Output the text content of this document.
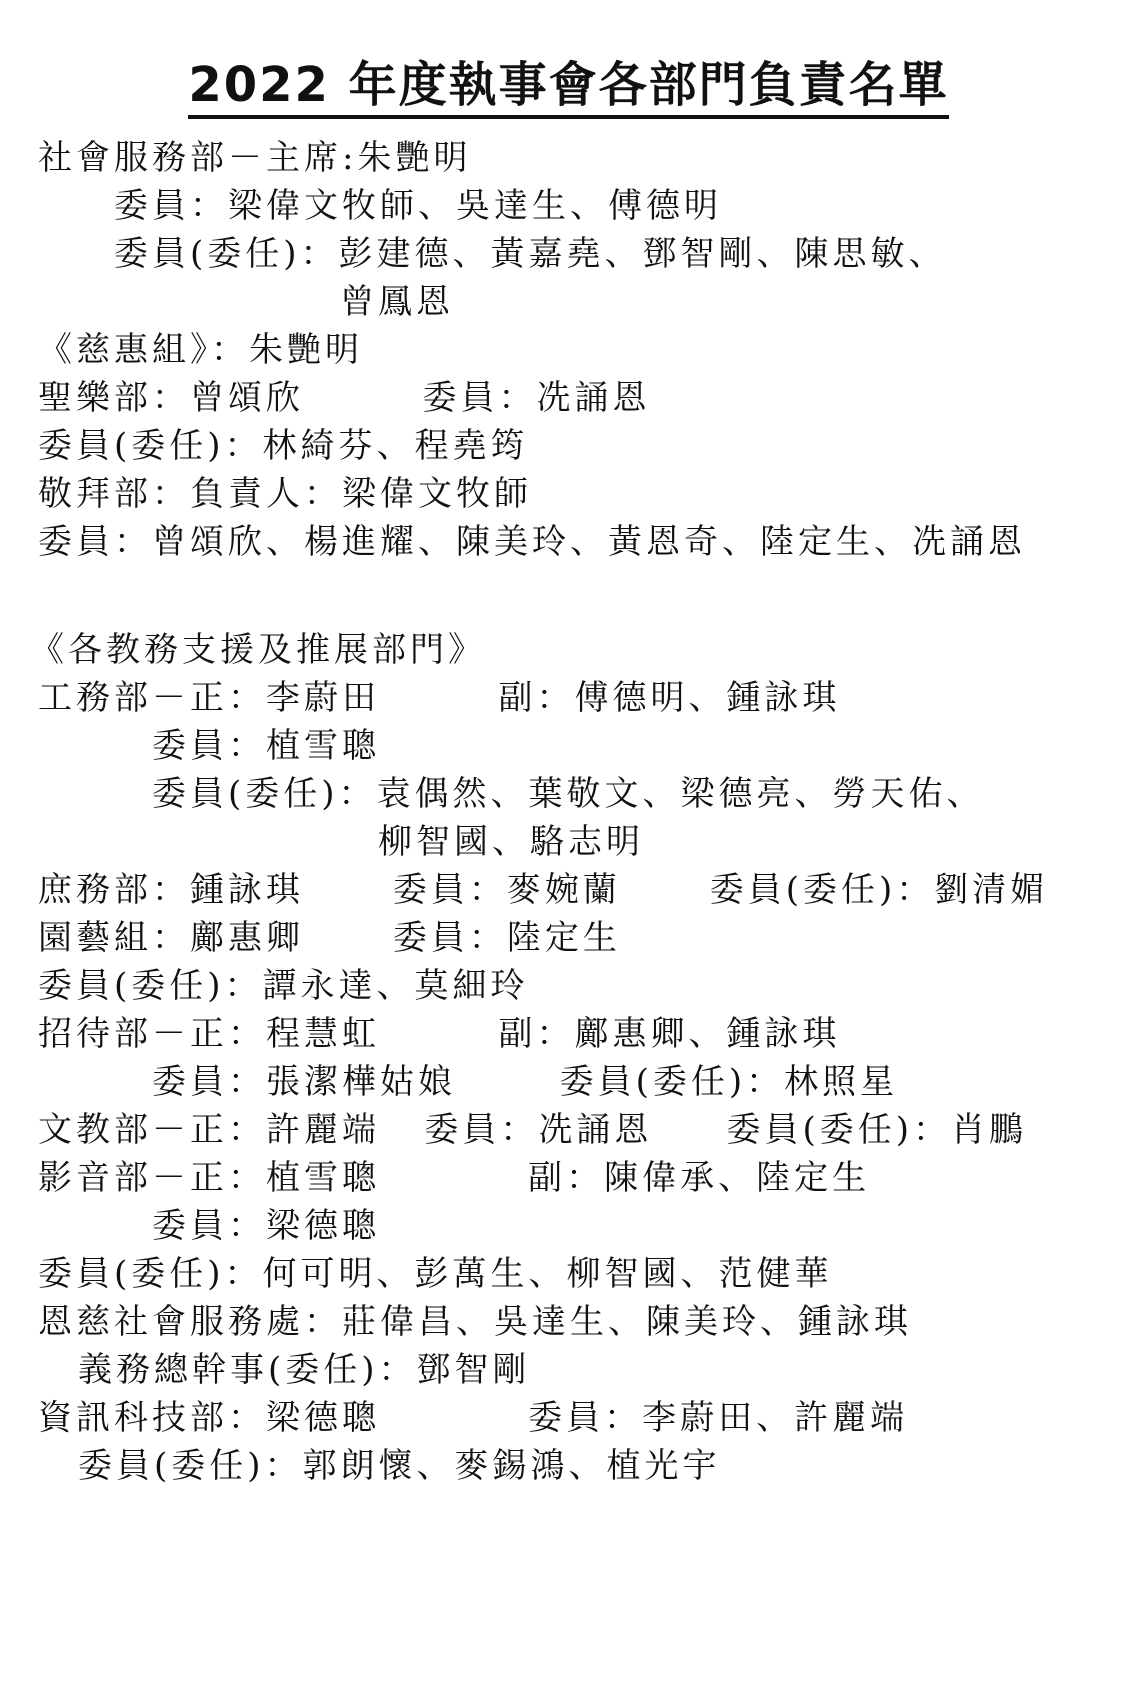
2022 年度執事會各部門負責名單
社會服務部－主席:朱艷明
委員：梁偉文牧師、吳達生、傅德明
委員(委任)：彭建德、黃嘉堯、鄧智剛、陳思敏、
曾鳳恩
《慈惠組》：朱艷明
聖樂部：曾頌欣        委員：冼誦恩
委員(委任)：林綺芬、程堯筠
敬拜部：負責人：梁偉文牧師
委員：曾頌欣、楊進耀、陳美玲、黃恩奇、陸定生、冼誦恩
《各教務支援及推展部門》
工務部－正：李蔚田        副：傅德明、鍾詠琪
委員：植雪聰
委員(委任)：袁偶然、葉敬文、梁德亮、勞天佑、
柳智國、駱志明
庶務部：鍾詠琪      委員：麥婉蘭      委員(委任)：劉清媚
園藝組：鄺惠卿      委員：陸定生
委員(委任)：譚永達、莫細玲
招待部－正：程慧虹        副：鄺惠卿、鍾詠琪
委員：張潔樺姑娘       委員(委任)：林照星
文教部－正：許麗端   委員：冼誦恩     委員(委任)：肖鵬
影音部－正：植雪聰          副：陳偉承、陸定生
委員：梁德聰
委員(委任)：何可明、彭萬生、柳智國、范健華
恩慈社會服務處：莊偉昌、吳達生、陳美玲、鍾詠琪
義務總幹事(委任)：鄧智剛
資訊科技部：梁德聰          委員：李蔚田、許麗端
委員(委任)：郭朗懷、麥錫鴻、植光宇
